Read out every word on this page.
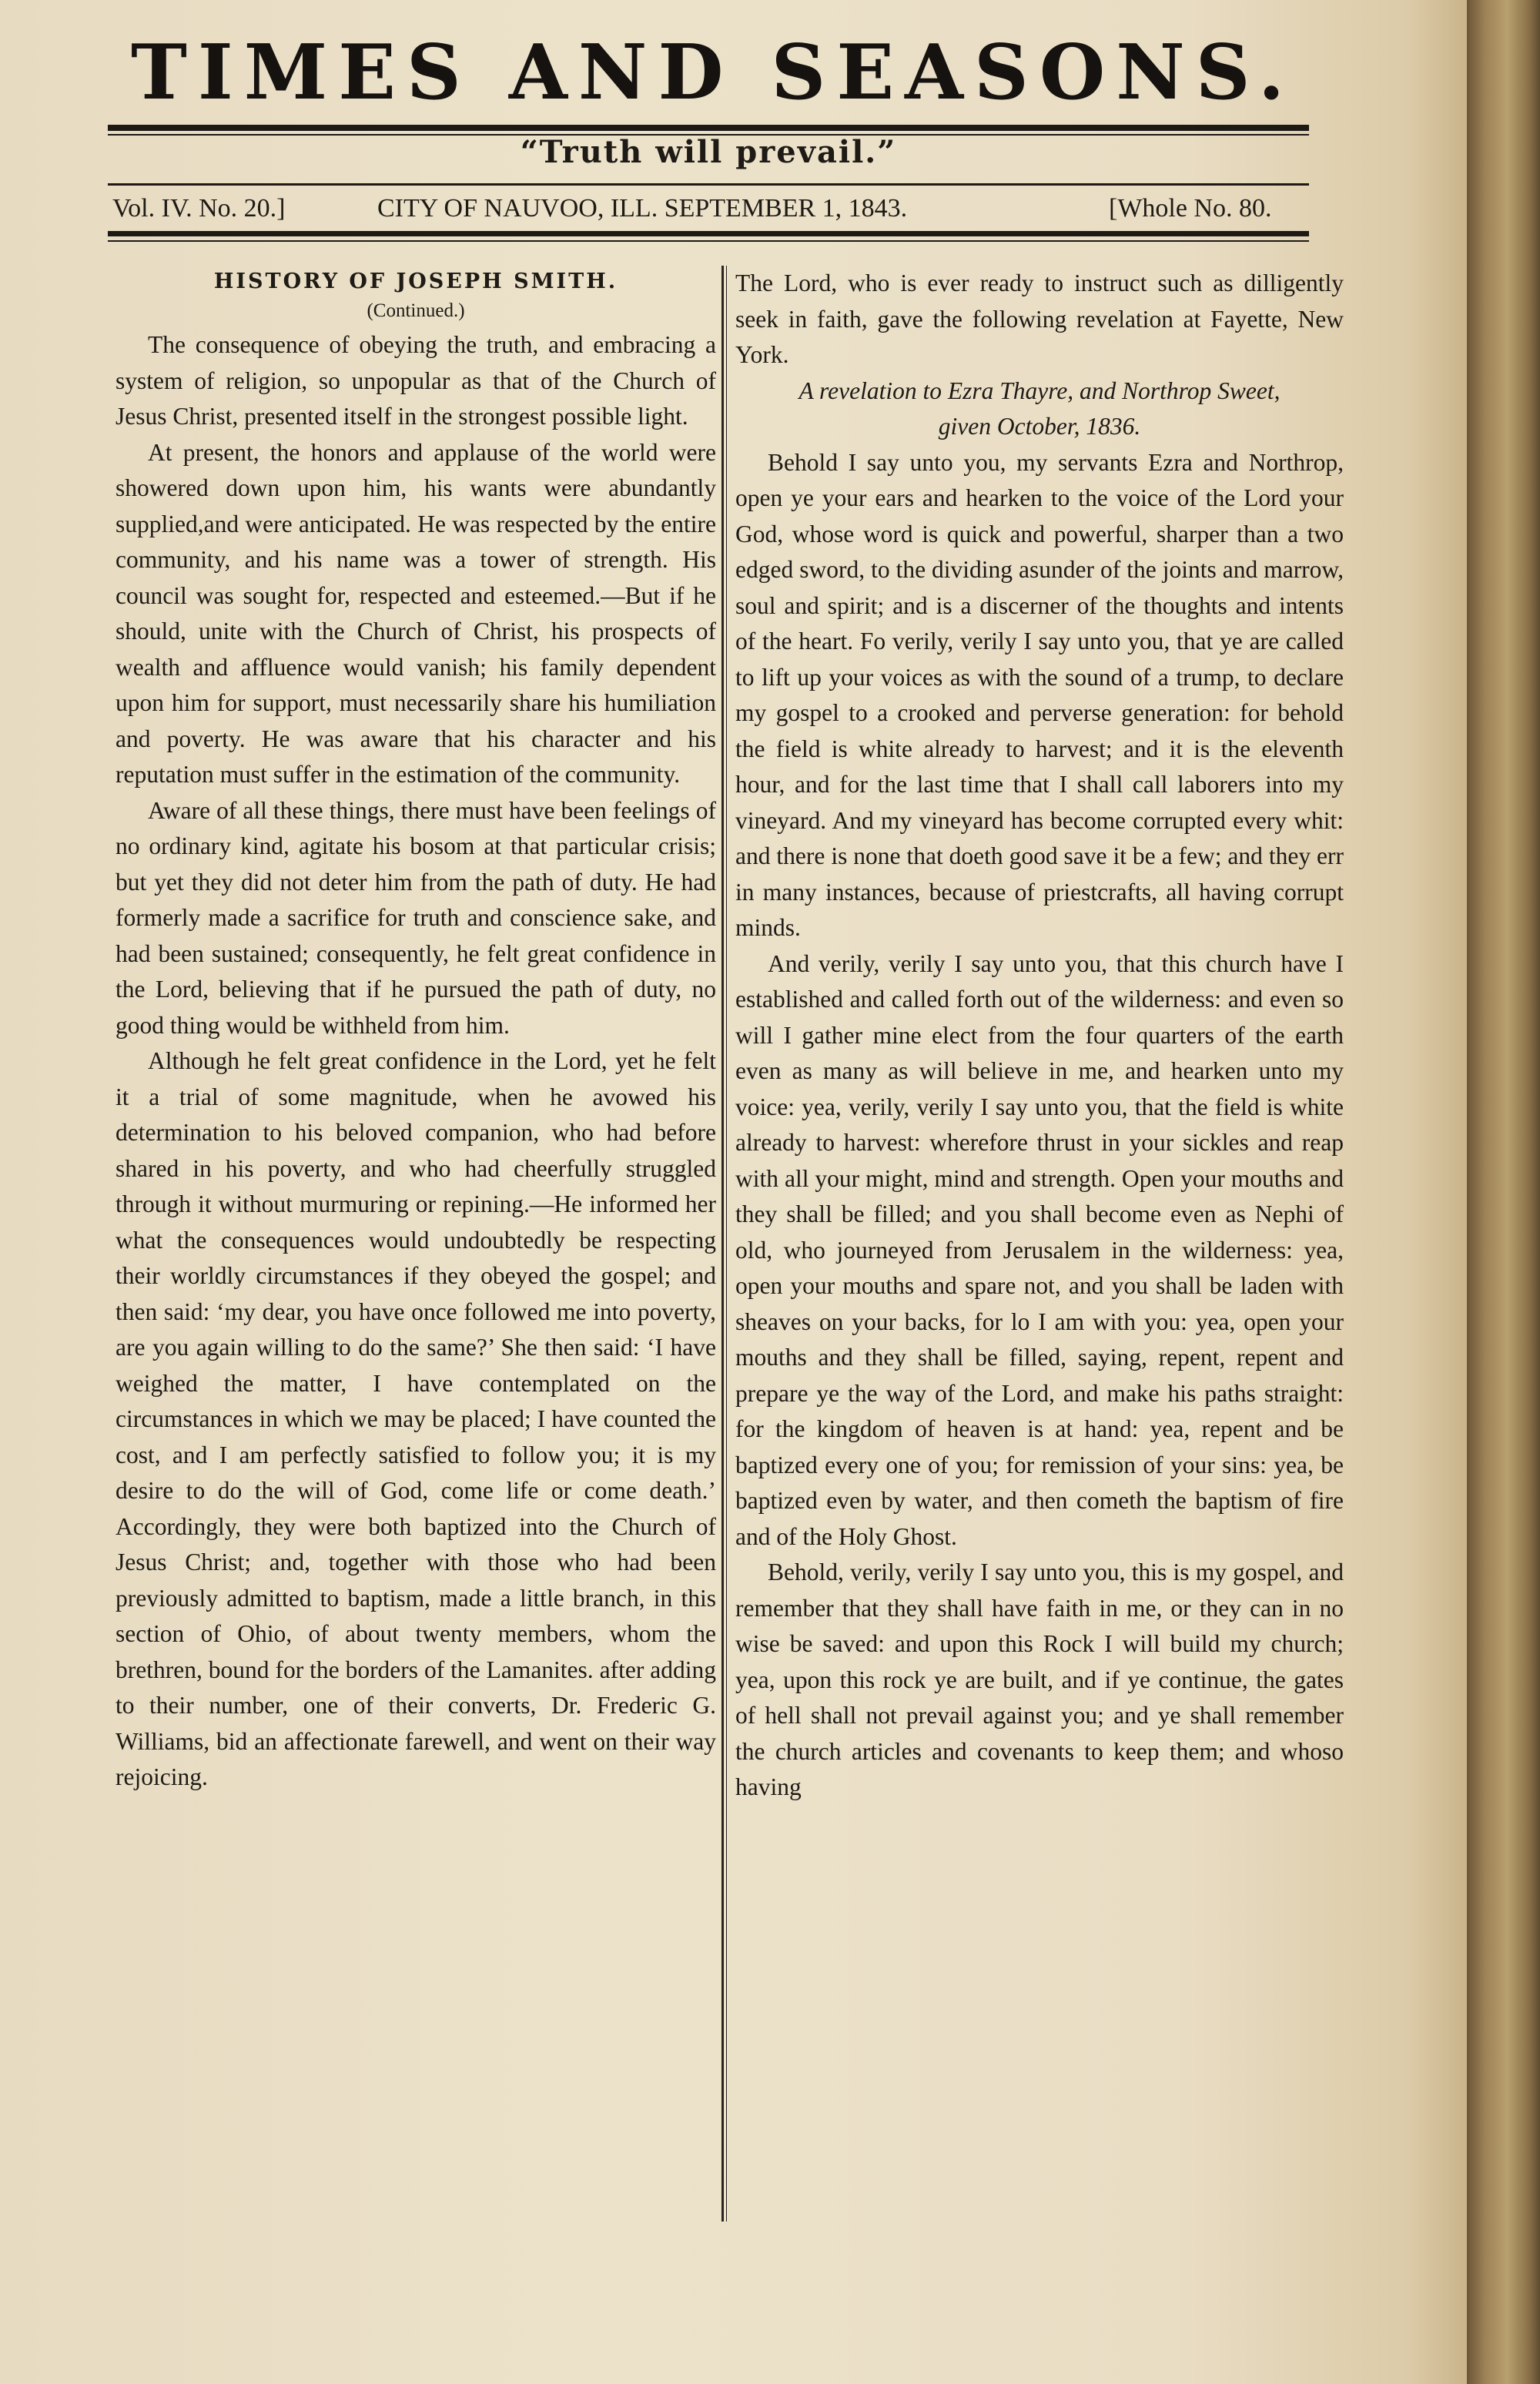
TIMES AND SEASONS.
“Truth will prevail.”
Vol. IV. No. 20.]	CITY OF NAUVOO, ILL. SEPTEMBER 1, 1843.	[Whole No. 80.
HISTORY OF JOSEPH SMITH.
(Continued.)

The consequence of obeying the truth, and embracing a system of religion, so unpopular as that of the Church of Jesus Christ, presented itself in the strongest possible light.

At present, the honors and applause of the world were showered down upon him, his wants were abundantly supplied,and were anticipated. He was respected by the entire community, and his name was a tower of strength. His council was sought for, respected and esteemed.—But if he should, unite with the Church of Christ, his prospects of wealth and affluence would vanish; his family dependent upon him for support, must necessarily share his humiliation and poverty. He was aware that his character and his reputation must suffer in the estimation of the community.

Aware of all these things, there must have been feelings of no ordinary kind, agitate his bosom at that particular crisis; but yet they did not deter him from the path of duty. He had formerly made a sacrifice for truth and conscience sake, and had been sustained; consequently, he felt great confidence in the Lord, believing that if he pursued the path of duty, no good thing would be withheld from him.

Although he felt great confidence in the Lord, yet he felt it a trial of some magnitude, when he avowed his determination to his beloved companion, who had before shared in his poverty, and who had cheerfully struggled through it without murmuring or repining.—He informed her what the consequences would undoubtedly be respecting their worldly circumstances if they obeyed the gospel; and then said: ‘my dear, you have once followed me into poverty, are you again willing to do the same?’ She then said: ‘I have weighed the matter, I have contemplated on the circumstances in which we may be placed; I have counted the cost, and I am perfectly satisfied to follow you; it is my desire to do the will of God, come life or come death.’ Accordingly, they were both baptized into the Church of Jesus Christ; and, together with those who had been previously admitted to baptism, made a little branch, in this section of Ohio, of about twenty members, whom the brethren, bound for the borders of the Lamanites. after adding to their number, one of their converts, Dr. Frederic G. Williams, bid an affectionate farewell, and went on their way rejoicing.

The Lord, who is ever ready to instruct such as dilligently seek in faith, gave the following revelation at Fayette, New York.

A revelation to Ezra Thayre, and Northrop Sweet,
given October, 1836.

Behold I say unto you, my servants Ezra and Northrop, open ye your ears and hearken to the voice of the Lord your God, whose word is quick and powerful, sharper than a two edged sword, to the dividing asunder of the joints and marrow, soul and spirit; and is a discerner of the thoughts and intents of the heart. Fo verily, verily I say unto you, that ye are called to lift up your voices as with the sound of a trump, to declare my gospel to a crooked and perverse generation: for behold the field is white already to harvest; and it is the eleventh hour, and for the last time that I shall call laborers into my vineyard. And my vineyard has become corrupted every whit: and there is none that doeth good save it be a few; and they err in many instances, because of priestcrafts, all having corrupt minds.

And verily, verily I say unto you, that this church have I established and called forth out of the wilderness: and even so will I gather mine elect from the four quarters of the earth even as many as will believe in me, and hearken unto my voice: yea, verily, verily I say unto you, that the field is white already to harvest: wherefore thrust in your sickles and reap with all your might, mind and strength. Open your mouths and they shall be filled; and you shall become even as Nephi of old, who journeyed from Jerusalem in the wilderness: yea, open your mouths and spare not, and you shall be laden with sheaves on your backs, for lo I am with you: yea, open your mouths and they shall be filled, saying, repent, repent and prepare ye the way of the Lord, and make his paths straight: for the kingdom of heaven is at hand: yea, repent and be baptized every one of you; for remission of your sins: yea, be baptized even by water, and then cometh the baptism of fire and of the Holy Ghost.

Behold, verily, verily I say unto you, this is my gospel, and remember that they shall have faith in me, or they can in no wise be saved: and upon this Rock I will build my church; yea, upon this rock ye are built, and if ye continue, the gates of hell shall not prevail against you; and ye shall remember the church articles and covenants to keep them; and whoso having
